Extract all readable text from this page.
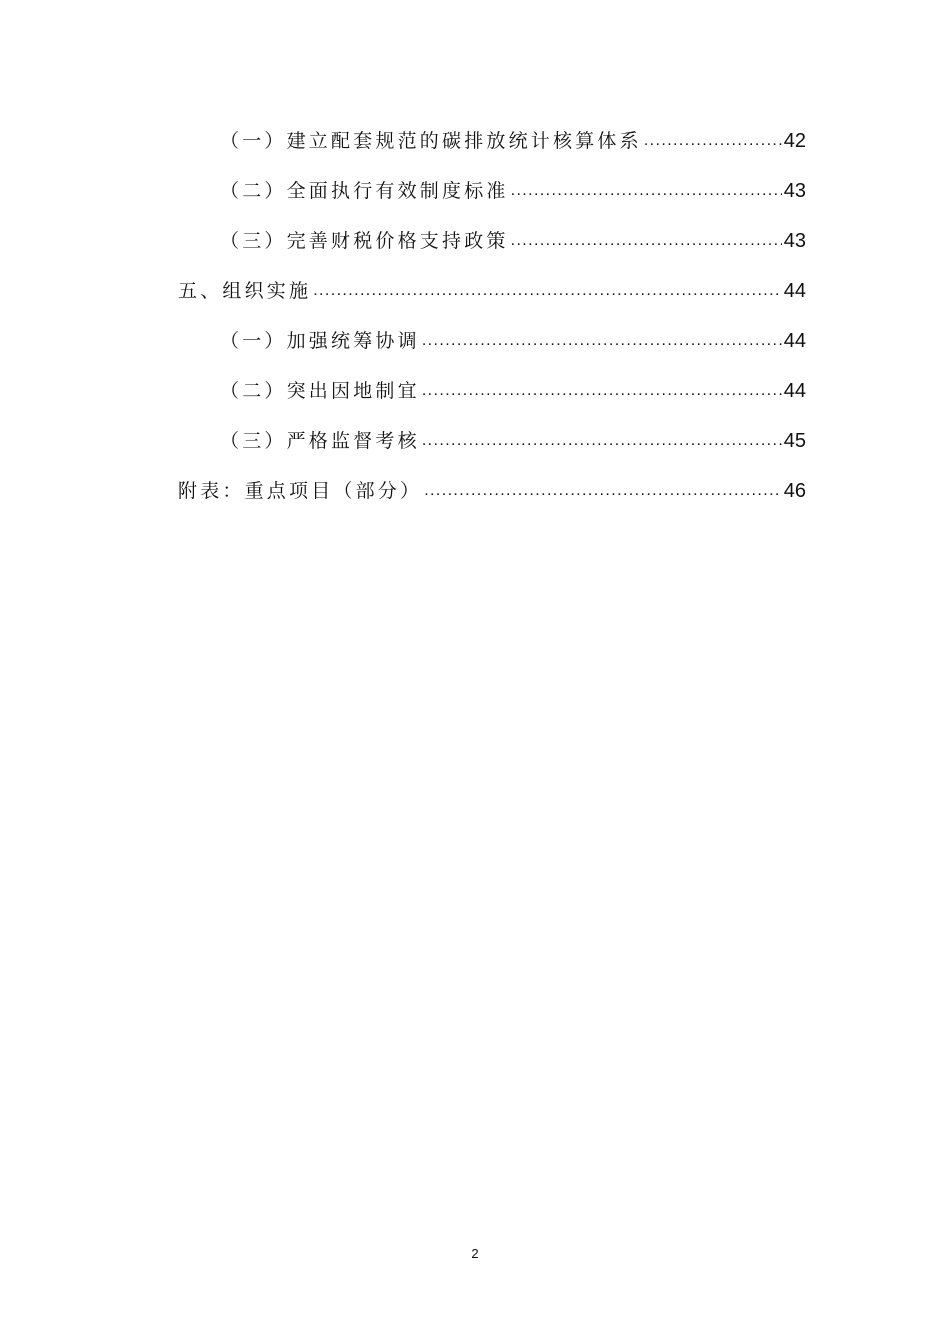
（一）建立配套规范的碳排放统计核算体系 .....	42
（二）全面执行有效制度标准 .....	43
（三）完善财税价格支持政策 .....	43
五、组织实施 .....	44
（一）加强统筹协调 .....	44
（二）突出因地制宜 .....	44
（三）严格监督考核 .....	45
附表：重点项目（部分） .....	46
2
